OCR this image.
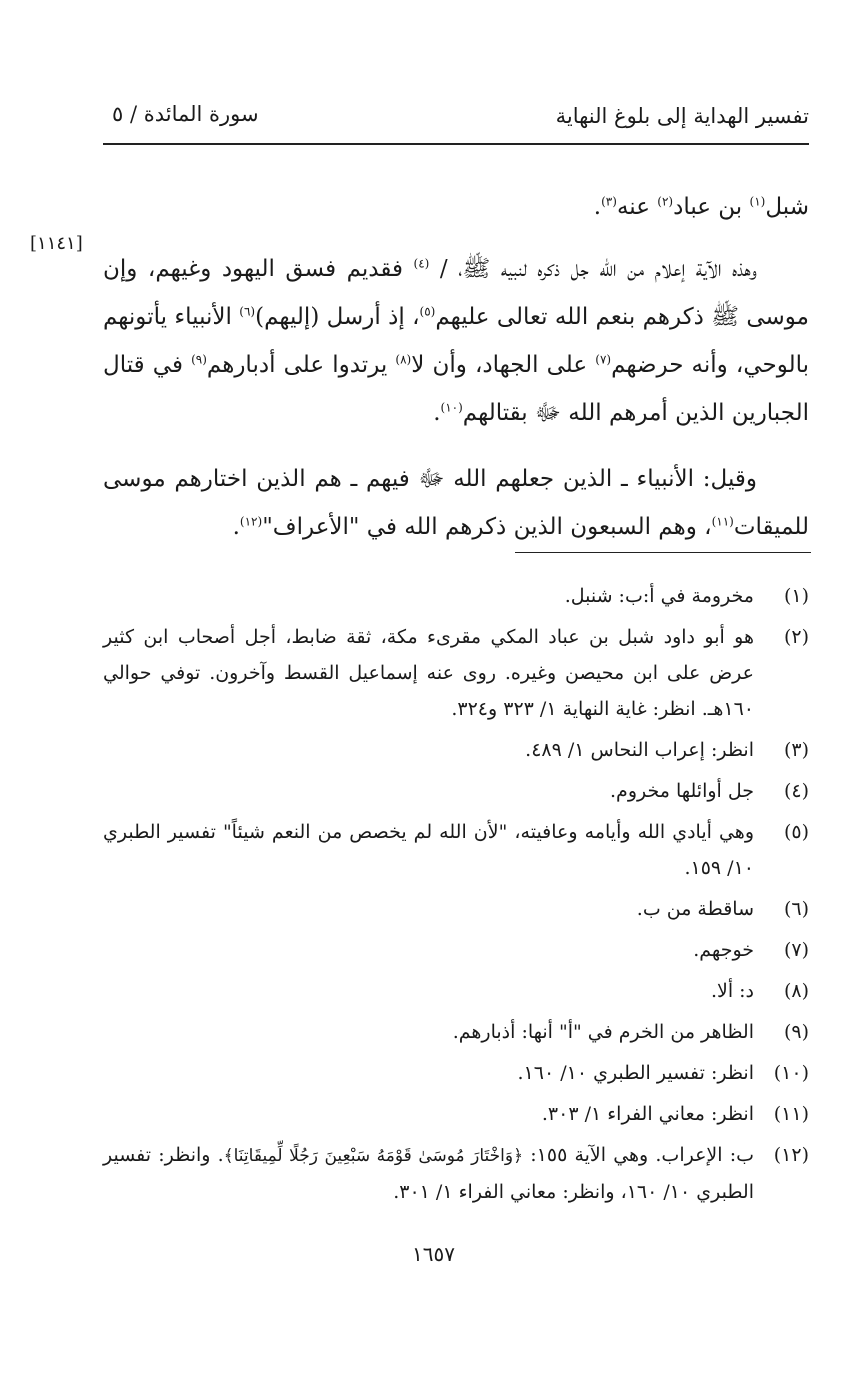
تفسير الهداية إلى بلوغ النهاية
سورة المائدة / ٥
[١١٤١]

شبل$^{(١)}$ بن عباد$^{(٢)}$ عنه$^{(٣)}$.

وهذه الآية إعلام من الله جل ذكره لنبيه ﷺ، / $^{(٤)}$ فقديم فسق اليهود وغيهم، وإن موسى ﷺ ذكرهم بنعم الله تعالى عليهم$^{(٥)}$، إذ أرسل (إليهم)$^{(٦)}$ الأنبياء يأتونهم بالوحي، وأنه حرضهم$^{(٧)}$ على الجهاد، وأن لا$^{(٨)}$ يرتدوا على أدبارهم$^{(٩)}$ في قتال الجبارين الذين أمرهم الله ﷻ بقتالهم$^{(١٠)}$.

وقيل: الأنبياء ـ الذين جعلهم الله ﷻ فيهم ـ هم الذين اختارهم موسى للميقات$^{(١١)}$، وهم السبعون الذين ذكرهم الله في "الأعراف"$^{(١٢)}$.

(١)
مخرومة في أ:ب: شنبل.
(٢)
هو أبو داود شبل بن عباد المكي مقرىء مكة، ثقة ضابط، أجل أصحاب ابن كثير عرض على ابن محيصن وغيره. روى عنه إسماعيل القسط وآخرون. توفي حوالي ١٦٠هـ. انظر: غاية النهاية ١/ ٣٢٣ و٣٢٤.
(٣)
انظر: إعراب النحاس ١/ ٤٨٩.
(٤)
جل أوائلها مخروم.
(٥)
وهي أيادي الله وأيامه وعافيته، "لأن الله لم يخصص من النعم شيئاً" تفسير الطبري ١٠/ ١٥٩.
(٦)
ساقطة من ب.
(٧)
خوجهم.
(٨)
د: ألا.
(٩)
الظاهر من الخرم في "أ" أنها: أذبارهم.
(١٠)
انظر: تفسير الطبري ١٠/ ١٦٠.
(١١)
انظر: معاني الفراء ١/ ٣٠٣.
(١٢)
ب: الإعراب. وهي الآية ١٥٥: ﴿وَاخْتَارَ مُوسَىٰ قَوْمَهُ سَبْعِينَ رَجُلًا لِّمِيقَاتِنَا﴾. وانظر: تفسير الطبري ١٠/ ١٦٠، وانظر: معاني الفراء ١/ ٣٠١.
١٦٥٧
